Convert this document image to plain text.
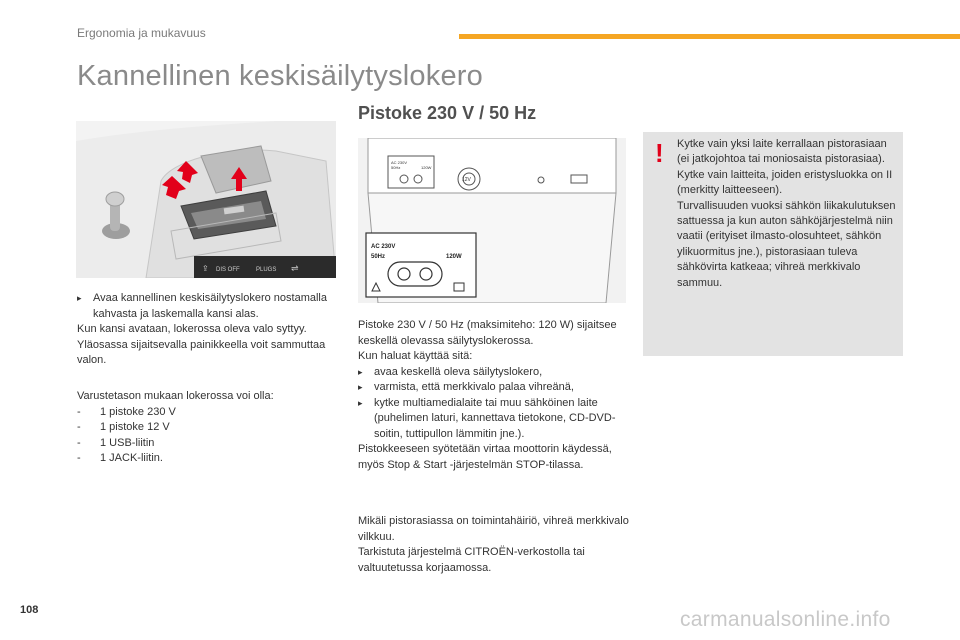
Ergonomia ja mukavuus
Kannellinen keskisäilytyslokero
Pistoke 230 V / 50 Hz
⇪ DIS OFF	PLUGS ⇌
AC 230V
50Hz	120W
12V
AC 230V
50Hz	120W
▸	Avaa kannellinen keskisäilytyslokero nostamalla kahvasta ja laskemalla kansi alas.

Kun kansi avataan, lokerossa oleva valo syttyy.

Yläosassa sijaitsevalla painikkeella voit sammuttaa valon.

Varustetason mukaan lokerossa voi olla:

-	1 pistoke 230 V
-	1 pistoke 12 V
-	1 USB-liitin
-	1 JACK-liitin.

Pistoke 230 V / 50 Hz (maksimiteho: 120 W) sijaitsee keskellä olevassa säilytyslokerossa.

Kun haluat käyttää sitä:

▸	avaa keskellä oleva säilytyslokero,
▸	varmista, että merkkivalo palaa vihreänä,
▸	kytke multiamedialaite tai muu sähköinen laite (puhelimen laturi, kannettava tietokone, CD-DVD-soitin, tuttipullon lämmitin jne.).

Pistokkeeseen syötetään virtaa moottorin käydessä, myös Stop & Start -järjestelmän STOP-tilassa.

Mikäli pistorasiassa on toimintahäiriö, vihreä merkkivalo vilkkuu.

Tarkistuta järjestelmä CITROËN-verkostolla tai valtuutetussa korjaamossa.

! Kytke vain yksi laite kerrallaan pistorasiaan (ei jatkojohtoa tai moniosaista pistorasiaa).

Kytke vain laitteita, joiden eristysluokka on II (merkitty laitteeseen).

Turvallisuuden vuoksi sähkön liikakulutuksen sattuessa ja kun auton sähköjärjestelmä niin vaatii (erityiset ilmasto-olosuhteet, sähkön ylikuormitus jne.), pistorasiaan tuleva sähkövirta katkeaa; vihreä merkkivalo sammuu.

108	carmanualsonline.info
